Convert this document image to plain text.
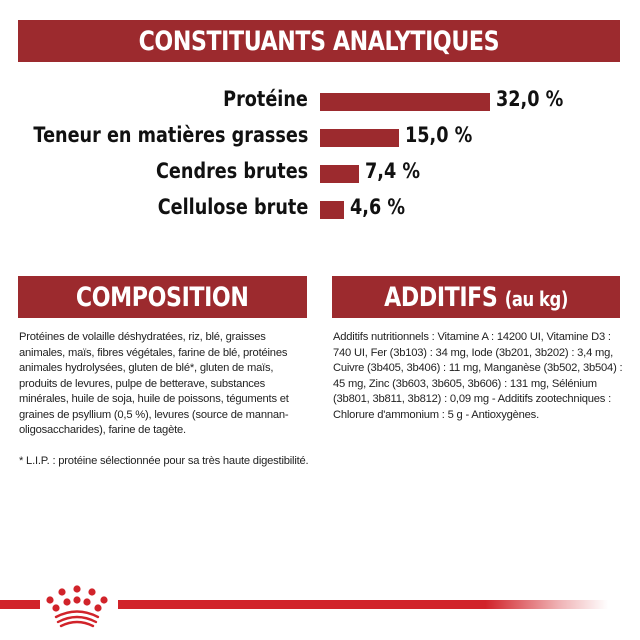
CONSTITUANTS ANALYTIQUES
Protéine	32,0 %
Teneur en matières grasses	15,0 %
Cendres brutes	7,4 %
Cellulose brute 4,6 %
COMPOSITION	ADDITIFS (au kg)
Protéines de volaille déshydratées, riz, blé, graisses animales, maïs, fibres végétales, farine de blé, protéines animales hydrolysées, gluten de blé*, gluten de maïs, produits de levures, pulpe de betterave, substances minérales, huile de soja, huile de poissons, téguments et graines de psyllium (0,5 %), levures (source de mannan-oligosaccharides), farine de tagète.
* L.I.P. : protéine sélectionnée pour sa très haute digestibilité.
Additifs nutritionnels : Vitamine A : 14200 UI, Vitamine D3 : 740 UI, Fer (3b103) : 34 mg, Iode (3b201, 3b202) : 3,4 mg, Cuivre (3b405, 3b406) : 11 mg, Manganèse (3b502, 3b504) : 45 mg, Zinc (3b603, 3b605, 3b606) : 131 mg, Sélénium (3b801, 3b811, 3b812) : 0,09 mg - Additifs zootechniques : Chlorure d'ammonium : 5 g - Antioxygènes.
